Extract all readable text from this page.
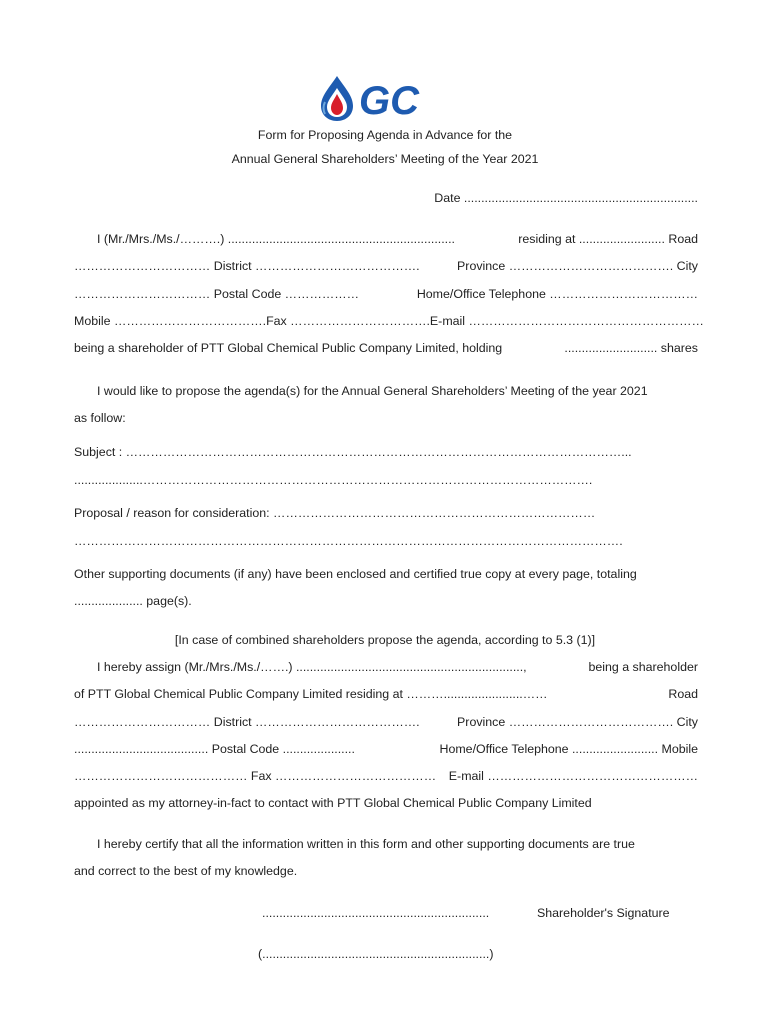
GC
Form for Proposing Agenda in Advance for the
Annual General Shareholders’ Meeting of the Year 2021
Date ....................................................................
I (Mr./Mrs./Ms./……….) ..................................................................	residing at ......................... Road
…………………………… District ………………………………….	Province …………………………………. City
…………………………… Postal Code ………………	Home/Office Telephone ………………………………
Mobile ………………………………. Fax ……………………………. E-mail …………………………………………………
being a shareholder of PTT Global Chemical Public Company Limited, holding	........................... shares
I would like to propose the agenda(s) for the Annual General Shareholders’ Meeting of the year 2021
as follow:
Subject : …………………………………………………………………………………………………………...
....................……………………………………………………………………………………………….
Proposal / reason for consideration: ……………………………………………………………………
…………………………………………………………………………………………………………………….
Other supporting documents (if any) have been enclosed and certified true copy at every page, totaling
.................... page(s).
[In case of combined shareholders propose the agenda, according to 5.3 (1)]
I hereby assign (Mr./Mrs./Ms./…….) ..................................................................,	being a shareholder
of PTT Global Chemical Public Company Limited residing at ……….......................……	Road
…………………………… District ………………………………….	Province …………………………………. City
....................................... Postal Code .....................	Home/Office Telephone ......................... Mobile
…………………………………… Fax ………………………………… E-mail ……………………………………………
appointed as my attorney-in-fact to contact with PTT Global Chemical Public Company Limited
I hereby certify that all the information written in this form and other supporting documents are true
and correct to the best of my knowledge.
..................................................................	Shareholder's Signature
(..................................................................)
